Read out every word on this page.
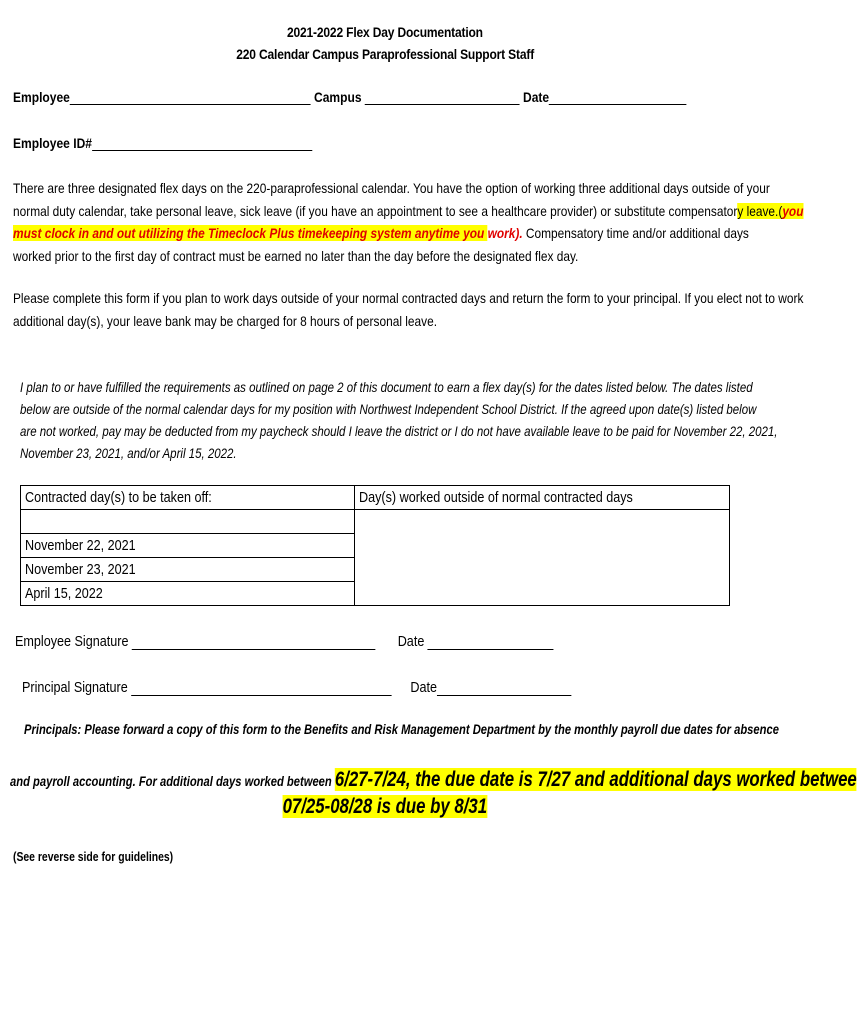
2021-2022 Flex Day Documentation
220 Calendar Campus Paraprofessional Support Staff
Employee	Campus	Date
Employee ID#
There are three designated flex days on the 220-paraprofessional calendar. You have the option of working three additional days outside of your
normal duty calendar, take personal leave, sick leave (if you have an appointment to see a healthcare provider) or substitute compensatory leave.(you
must clock in and out utilizing the Timeclock Plus timekeeping system anytime you work). Compensatory time and/or additional days
worked prior to the first day of contract must be earned no later than the day before the designated flex day.
Please complete this form if you plan to work days outside of your normal contracted days and return the form to your principal. If you elect not to work
additional day(s), your leave bank may be charged for 8 hours of personal leave.
I plan to or have fulfilled the requirements as outlined on page 2 of this document to earn a flex day(s) for the dates listed below. The dates listed
below are outside of the normal calendar days for my position with Northwest Independent School District. If the agreed upon date(s) listed below
are not worked, pay may be deducted from my paycheck should I leave the district or I do not have available leave to be paid for November 22, 2021,
November 23, 2021, and/or April 15, 2022.
Contracted day(s) to be taken off:	Day(s) worked outside of normal contracted days

November 22, 2021	
November 23, 2021	
April 15, 2022	
Employee Signature	Date
Principal Signature	Date
Principals: Please forward a copy of this form to the Benefits and Risk Management Department by the monthly payroll due dates for absence
and payroll accounting. For additional days worked between 6/27-7/24, the due date is 7/27 and additional days worked betwee
07/25-08/28 is due by 8/31
(See reverse side for guidelines)
